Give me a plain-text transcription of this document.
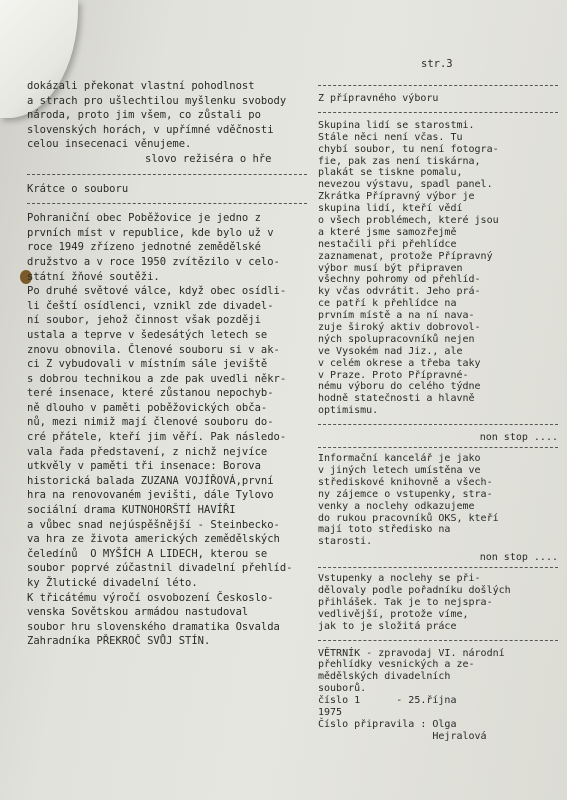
str.3
dokázali překonat vlastní pohodlnost
a strach pro ušlechtilou myšlenku svobody
národa, proto jim všem, co zůstali po
slovenských horách, v upřímné vděčnosti
celou insecenaci věnujeme.
slovo režiséra o hře
Krátce o souboru
Pohraniční obec Poběžovice je jedno z
prvních míst v republice, kde bylo už v
roce 1949 zřízeno jednotné zemědělské
družstvo a v roce 1950 zvítězilo v celo-
státní žňové soutěži.
Po druhé světové válce, když obec osídli-
li čeští osídlenci, vznikl zde divadel-
ní soubor, jehož činnost však později
ustala a teprve v šedesátých letech se
znovu obnovila. Členové souboru si v ak-
ci Z vybudovali v místním sále jeviště
s dobrou technikou a zde pak uvedli někr-
teré insenace, které zůstanou nepochyb-
ně dlouho v paměti poběžovických obča-
nů, mezi nimiž mají členové souboru do-
cré přátele, kteří jim věří. Pak následo-
vala řada představení, z nichž nejvíce
utkvěly v paměti tři insenace: Borova
historická balada ZUZANA VOJÍŘOVÁ,první
hra na renovovaném jevišti, dále Tylovo
sociální drama KUTNOHORŠTÍ HAVÍŘI
a vůbec snad nejúspěšnější - Steinbecko-
va hra ze života amerických zemědělských
čeledínů  O MYŠÍCH A LIDECH, kterou se
soubor poprvé zúčastnil divadelní přehlíd-
ky Žlutické divadelní léto.
K třicátému výročí osvobození Českoslo-
venska Sovětskou armádou nastudoval
soubor hru slovenského dramatika Osvalda
Zahradníka PŘEKROČ SVŮJ STÍN.
Z přípravného výboru
Skupina lidí se starostmi.
Stále něci není včas. Tu
chybí soubor, tu není fotogra-
fie, pak zas není tiskárna,
plakát se tiskne pomalu,
nevezou výstavu, spadl panel.
Zkrátka Přípravný výbor je
skupina lidí, kteří vědí
o všech problémech, které jsou
a které jsme samozřejmě
nestačili při přehlídce
zaznamenat, protože Přípravný
výbor musí být připraven
všechny pohromy od přehlíd-
ky včas odvrátit. Jeho prá-
ce patří k přehlídce na
prvním místě a na ní nava-
zuje široký aktiv dobrovol-
ných spolupracovníků nejen
ve Vysokém nad Jiz., ale
v celém okrese a třeba taky
v Praze. Proto Přípravné-
nému výboru do celého týdne
hodně statečnosti a hlavně
optimismu.
non stop ....
Informační kancelář je jako
v jiných letech umístěna ve
střediskové knihovně a všech-
ny zájemce o vstupenky, stra-
venky a noclehy odkazujeme
do rukou pracovníků OKS, kteří
mají toto středisko na
starosti.
non stop ....
Vstupenky a noclehy se při-
dělovaly podle pořadníku došlých
přihlášek. Tak je to nejspra-
vedlivější, protože víme,
jak to je složitá práce
VĚTRNÍK - zpravodaj VI. národní
přehlídky vesnických a ze-
mědělských divadelních
souborů.
číslo 1      - 25.října
1975
Číslo připravila : Olga
Hejralová
